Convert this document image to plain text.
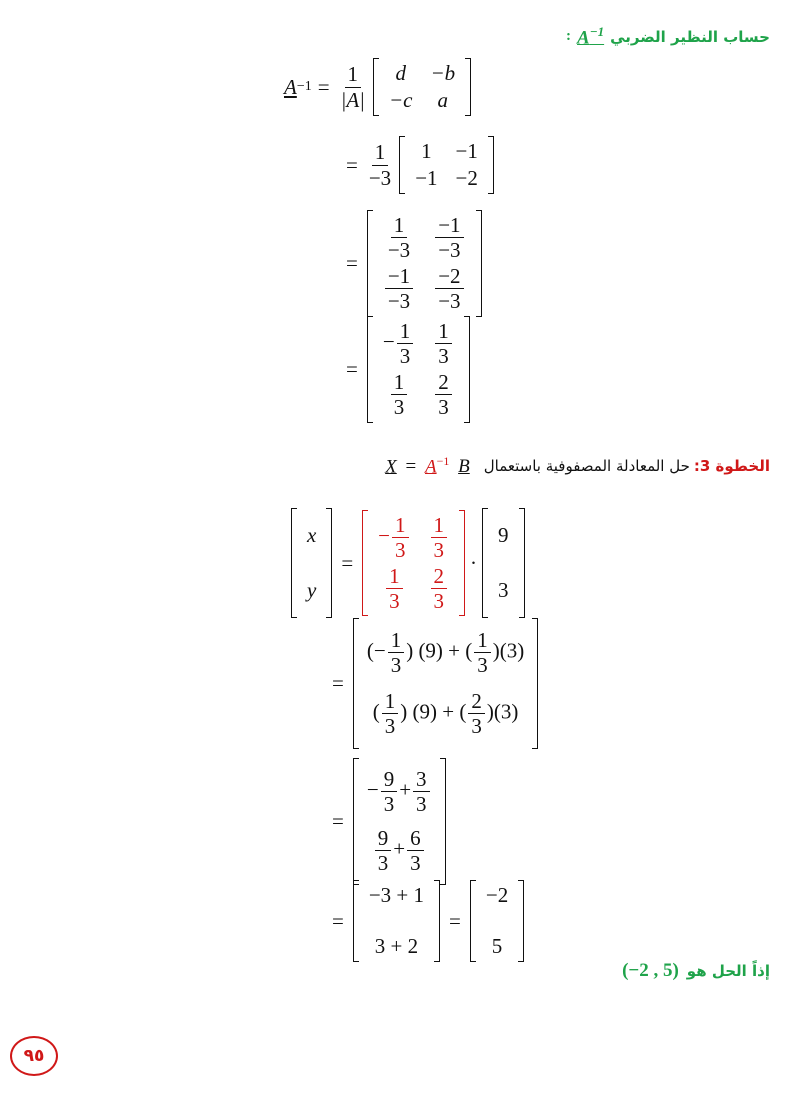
: $A^{-1}$ حساب النظير الضربي
$A -1 = \frac{1}{|A|}$ d	−b
−c	a
= $\frac{1}{-3} 1$	−1
−1	−2
=
$\frac{1}{-3}$	$\frac{-1}{-3}$

$\frac{-1}{-3}$	$\frac{-2}{-3}$
=
− $\frac{1}{3}$	$\frac{1}{3}$

$\frac{1}{3}$	$\frac{2}{3}$
$X = A^{-1}$ B حل المعادلة المصفوفية باستعمال الخطوة 3:
x

y
=
− $\frac{1}{3}$	$\frac{1}{3}$

$\frac{1}{3}$	$\frac{2}{3}$
·
9

3
=
(− $\frac{1}{3}$ ) (9) + ( $\frac{1}{3} )(3)$
( $\frac{1}{3}$ ) (9) + ( $\frac{2}{3} )(3)$
=
− $\frac{9}{3} + \frac{3}{3}$

$\frac{9}{3} + \frac{6}{3}$
=
−3 + 1

3 + 2
=
−2

5
(−2 , 5) إذاً الحل هو
٩٥
